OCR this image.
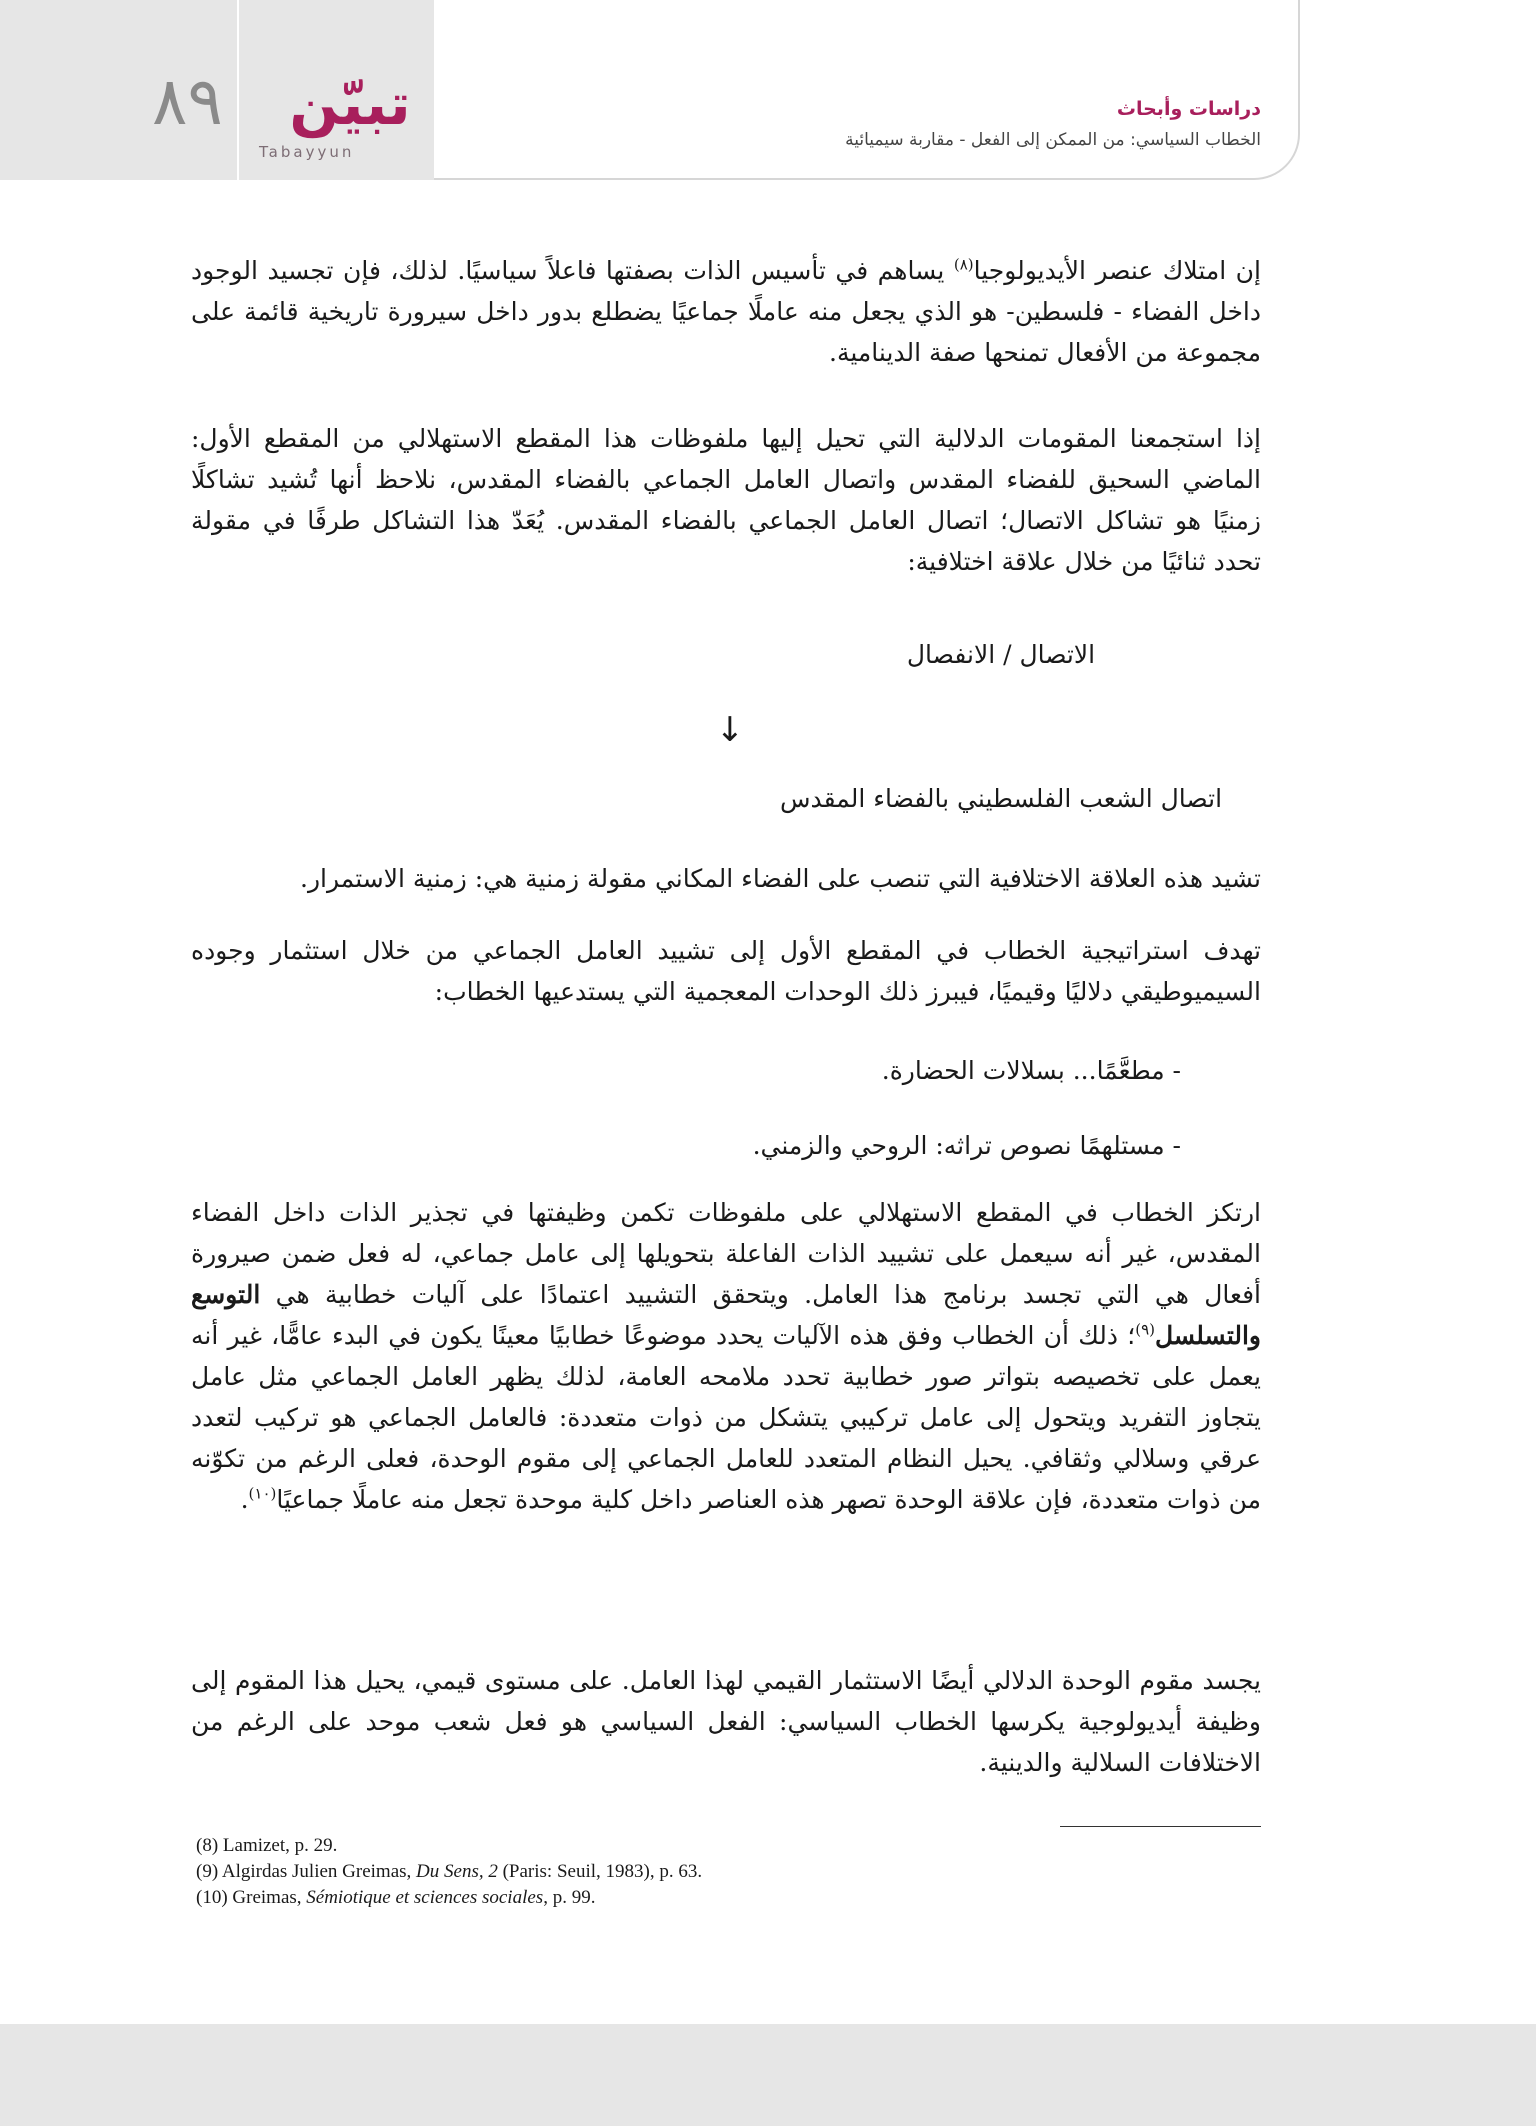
٨٩ تبيّن
Tabayyun
دراسات وأبحاث
الخطاب السياسي: من الممكن إلى الفعل - مقاربة سيميائية

إن امتلاك عنصر الأيديولوجيا$^{(٨)}$ يساهم في تأسيس الذات بصفتها فاعلاً سياسيًا. لذلك، فإن تجسيد الوجود داخل الفضاء - فلسطين- هو الذي يجعل منه عاملًا جماعيًا يضطلع بدور داخل سيرورة تاريخية قائمة على مجموعة من الأفعال تمنحها صفة الدينامية.

إذا استجمعنا المقومات الدلالية التي تحيل إليها ملفوظات هذا المقطع الاستهلالي من المقطع الأول: الماضي السحيق للفضاء المقدس واتصال العامل الجماعي بالفضاء المقدس، نلاحظ أنها تُشيد تشاكلًا زمنيًا هو تشاكل الاتصال؛ اتصال العامل الجماعي بالفضاء المقدس. يُعَدّ هذا التشاكل طرفًا في مقولة تحدد ثنائيًا من خلال علاقة اختلافية:

الاتصال / الانفصال

↓

اتصال الشعب الفلسطيني بالفضاء المقدس

تشيد هذه العلاقة الاختلافية التي تنصب على الفضاء المكاني مقولة زمنية هي: زمنية الاستمرار.

تهدف استراتيجية الخطاب في المقطع الأول إلى تشييد العامل الجماعي من خلال استثمار وجوده السيميوطيقي دلاليًا وقيميًا، فيبرز ذلك الوحدات المعجمية التي يستدعيها الخطاب:

- مطعَّمًا... بسلالات الحضارة.

- مستلهمًا نصوص تراثه: الروحي والزمني.

ارتكز الخطاب في المقطع الاستهلالي على ملفوظات تكمن وظيفتها في تجذير الذات داخل الفضاء المقدس، غير أنه سيعمل على تشييد الذات الفاعلة بتحويلها إلى عامل جماعي، له فعل ضمن صيرورة أفعال هي التي تجسد برنامج هذا العامل. ويتحقق التشييد اعتمادًا على آليات خطابية هي التوسع والتسلسل$^{(٩)}$؛ ذلك أن الخطاب وفق هذه الآليات يحدد موضوعًا خطابيًا معينًا يكون في البدء عامًّا، غير أنه يعمل على تخصيصه بتواتر صور خطابية تحدد ملامحه العامة، لذلك يظهر العامل الجماعي مثل عامل يتجاوز التفريد ويتحول إلى عامل تركيبي يتشكل من ذوات متعددة: فالعامل الجماعي هو تركيب لتعدد عرقي وسلالي وثقافي. يحيل النظام المتعدد للعامل الجماعي إلى مقوم الوحدة، فعلى الرغم من تكوّنه من ذوات متعددة، فإن علاقة الوحدة تصهر هذه العناصر داخل كلية موحدة تجعل منه عاملًا جماعيًا$^{(١٠)}$.

يجسد مقوم الوحدة الدلالي أيضًا الاستثمار القيمي لهذا العامل. على مستوى قيمي، يحيل هذا المقوم إلى وظيفة أيديولوجية يكرسها الخطاب السياسي: الفعل السياسي هو فعل شعب موحد على الرغم من الاختلافات السلالية والدينية.

(8) Lamizet, p. 29.

(9) Algirdas Julien Greimas, Du Sens, 2 (Paris: Seuil, 1983), p. 63.

(10) Greimas, Sémiotique et sciences sociales, p. 99.
